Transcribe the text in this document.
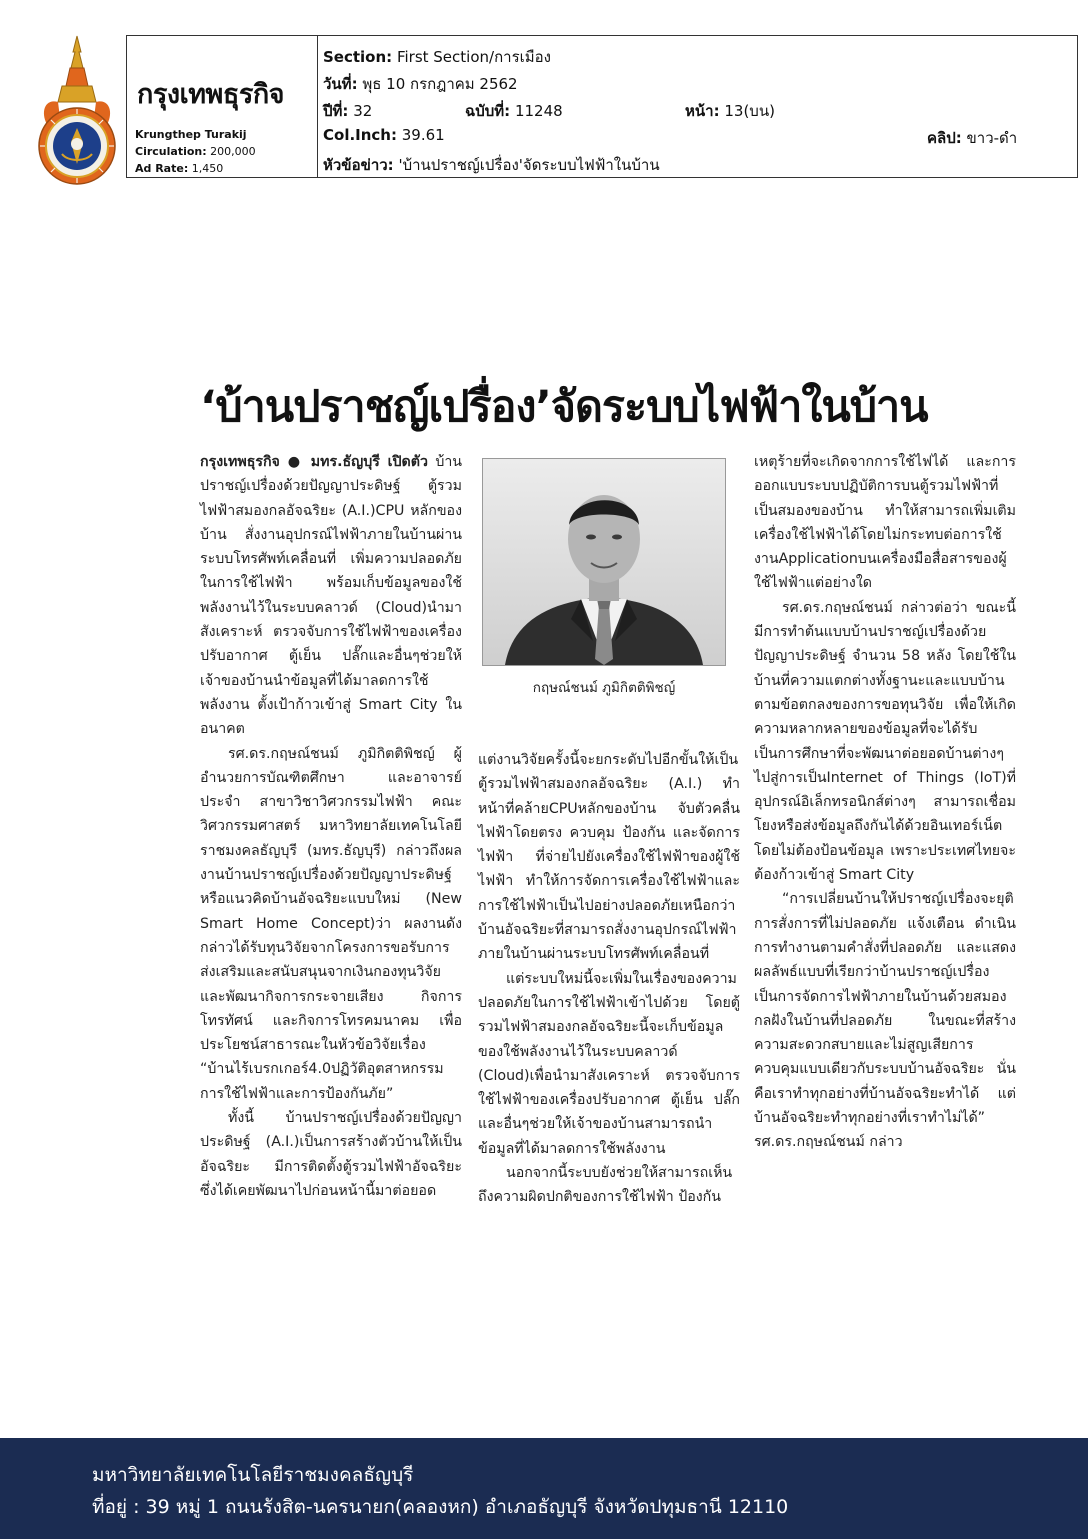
กรุงเทพธุรกิจ
Krungthep Turakij
Circulation: 200,000
Ad Rate: 1,450
Section: First Section/การเมือง
วันที่: พุธ 10 กรกฎาคม 2562
ปีที่: 32	ฉบับที่: 11248	หน้า: 13(บน)
Col.Inch: 39.61	คลิป: ขาว-ดำ
หัวข้อข่าว: 'บ้านปราชญ์เปรื่อง'จัดระบบไฟฟ้าในบ้าน
‘บ้านปราชญ์เปรื่อง’จัดระบบไฟฟ้าในบ้าน

กรุงเทพธุรกิจ ● มทร.ธัญบุรี เปิดตัว บ้านปราชญ์เปรื่องด้วยปัญญาประดิษฐ์ ตู้รวมไฟฟ้าสมองกลอัจฉริยะ (A.I.)CPU หลักของบ้าน สั่งงานอุปกรณ์ไฟฟ้าภายในบ้านผ่านระบบโทรศัพท์เคลื่อนที่ เพิ่มความปลอดภัยในการใช้ไฟฟ้า พร้อมเก็บข้อมูลของใช้พลังงานไว้ในระบบคลาวด์ (Cloud)นำมาสังเคราะห์ ตรวจจับการใช้ไฟฟ้าของเครื่องปรับอากาศ ตู้เย็น ปลั๊กและอื่นๆช่วยให้เจ้าของบ้านนำข้อมูลที่ได้มาลดการใช้พลังงาน ตั้งเป้าก้าวเข้าสู่ Smart City ในอนาคต

รศ.ดร.กฤษณ์ชนม์ ภูมิกิตติพิชญ์ ผู้อำนวยการบัณฑิตศึกษา และอาจารย์ประจำ สาขาวิชาวิศวกรรมไฟฟ้า คณะวิศวกรรมศาสตร์ มหาวิทยาลัยเทคโนโลยีราชมงคลธัญบุรี (มทร.ธัญบุรี) กล่าวถึงผลงานบ้านปราชญ์เปรื่องด้วยปัญญาประดิษฐ์ หรือแนวคิดบ้านอัจฉริยะแบบใหม่ (New Smart Home Concept)ว่า ผลงานดังกล่าวได้รับทุนวิจัยจากโครงการขอรับการส่งเสริมและสนับสนุนจากเงินกองทุนวิจัยและพัฒนากิจการกระจายเสียง กิจการโทรทัศน์ และกิจการโทรคมนาคม เพื่อประโยชน์สาธารณะในหัวข้อวิจัยเรื่อง “บ้านไร้เบรกเกอร์4.0ปฏิวัติอุตสาหกรรมการใช้ไฟฟ้าและการป้องกันภัย”

ทั้งนี้ บ้านปราชญ์เปรื่องด้วยปัญญาประดิษฐ์ (A.I.)เป็นการสร้างตัวบ้านให้เป็นอัจฉริยะ มีการติดตั้งตู้รวมไฟฟ้าอัจฉริยะ ซึ่งได้เคยพัฒนาไปก่อนหน้านี้มาต่อยอด

กฤษณ์ชนม์ ภูมิกิตติพิชญ์

แต่งานวิจัยครั้งนี้จะยกระดับไปอีกขั้นให้เป็นตู้รวมไฟฟ้าสมองกลอัจฉริยะ (A.I.) ทำหน้าที่คล้ายCPUหลักของบ้าน จับตัวคลื่นไฟฟ้าโดยตรง ควบคุม ป้องกัน และจัดการไฟฟ้า ที่จ่ายไปยังเครื่องใช้ไฟฟ้าของผู้ใช้ไฟฟ้า ทำให้การจัดการเครื่องใช้ไฟฟ้าและการใช้ไฟฟ้าเป็นไปอย่างปลอดภัยเหนือกว่าบ้านอัจฉริยะที่สามารถสั่งงานอุปกรณ์ไฟฟ้าภายในบ้านผ่านระบบโทรศัพท์เคลื่อนที่

แต่ระบบใหม่นี้จะเพิ่มในเรื่องของความปลอดภัยในการใช้ไฟฟ้าเข้าไปด้วย โดยตู้รวมไฟฟ้าสมองกลอัจฉริยะนี้จะเก็บข้อมูลของใช้พลังงานไว้ในระบบคลาวด์ (Cloud)เพื่อนำมาสังเคราะห์ ตรวจจับการใช้ไฟฟ้าของเครื่องปรับอากาศ ตู้เย็น ปลั๊กและอื่นๆช่วยให้เจ้าของบ้านสามารถนำข้อมูลที่ได้มาลดการใช้พลังงาน

นอกจากนี้ระบบยังช่วยให้สามารถเห็นถึงความผิดปกติของการใช้ไฟฟ้า ป้องกัน

เหตุร้ายที่จะเกิดจากการใช้ไฟได้ และการออกแบบระบบปฏิบัติการบนตู้รวมไฟฟ้าที่เป็นสมองของบ้าน ทำให้สามารถเพิ่มเติมเครื่องใช้ไฟฟ้าได้โดยไม่กระทบต่อการใช้งานApplicationบนเครื่องมือสื่อสารของผู้ใช้ไฟฟ้าแต่อย่างใด

รศ.ดร.กฤษณ์ชนม์ กล่าวต่อว่า ขณะนี้มีการทำต้นแบบบ้านปราชญ์เปรื่องด้วยปัญญาประดิษฐ์ จำนวน 58 หลัง โดยใช้ในบ้านที่ความแตกต่างทั้งฐานะและแบบบ้าน ตามข้อตกลงของการขอทุนวิจัย เพื่อให้เกิดความหลากหลายของข้อมูลที่จะได้รับ เป็นการศึกษาที่จะพัฒนาต่อยอดบ้านต่างๆ ไปสู่การเป็นInternet of Things (IoT)ที่อุปกรณ์อิเล็กทรอนิกส์ต่างๆ สามารถเชื่อมโยงหรือส่งข้อมูลถึงกันได้ด้วยอินเทอร์เน็ต โดยไม่ต้องป้อนข้อมูล เพราะประเทศไทยจะต้องก้าวเข้าสู่ Smart City

“การเปลี่ยนบ้านให้ปราชญ์เปรื่องจะยุติการสั่งการที่ไม่ปลอดภัย แจ้งเตือน ดำเนินการทำงานตามคำสั่งที่ปลอดภัย และแสดงผลลัพธ์แบบที่เรียกว่าบ้านปราชญ์เปรื่อง เป็นการจัดการไฟฟ้าภายในบ้านด้วยสมองกลฝังในบ้านที่ปลอดภัย ในขณะที่สร้างความสะดวกสบายและไม่สูญเสียการควบคุมแบบเดียวกับระบบบ้านอัจฉริยะ นั่นคือเราทำทุกอย่างที่บ้านอัจฉริยะทำได้ แต่บ้านอัจฉริยะทำทุกอย่างที่เราทำไม่ได้” รศ.ดร.กฤษณ์ชนม์ กล่าว

มหาวิทยาลัยเทคโนโลยีราชมงคลธัญบุรี
ที่อยู่ : 39 หมู่ 1 ถนนรังสิต-นครนายก(คลองหก) อำเภอธัญบุรี จังหวัดปทุมธานี 12110
